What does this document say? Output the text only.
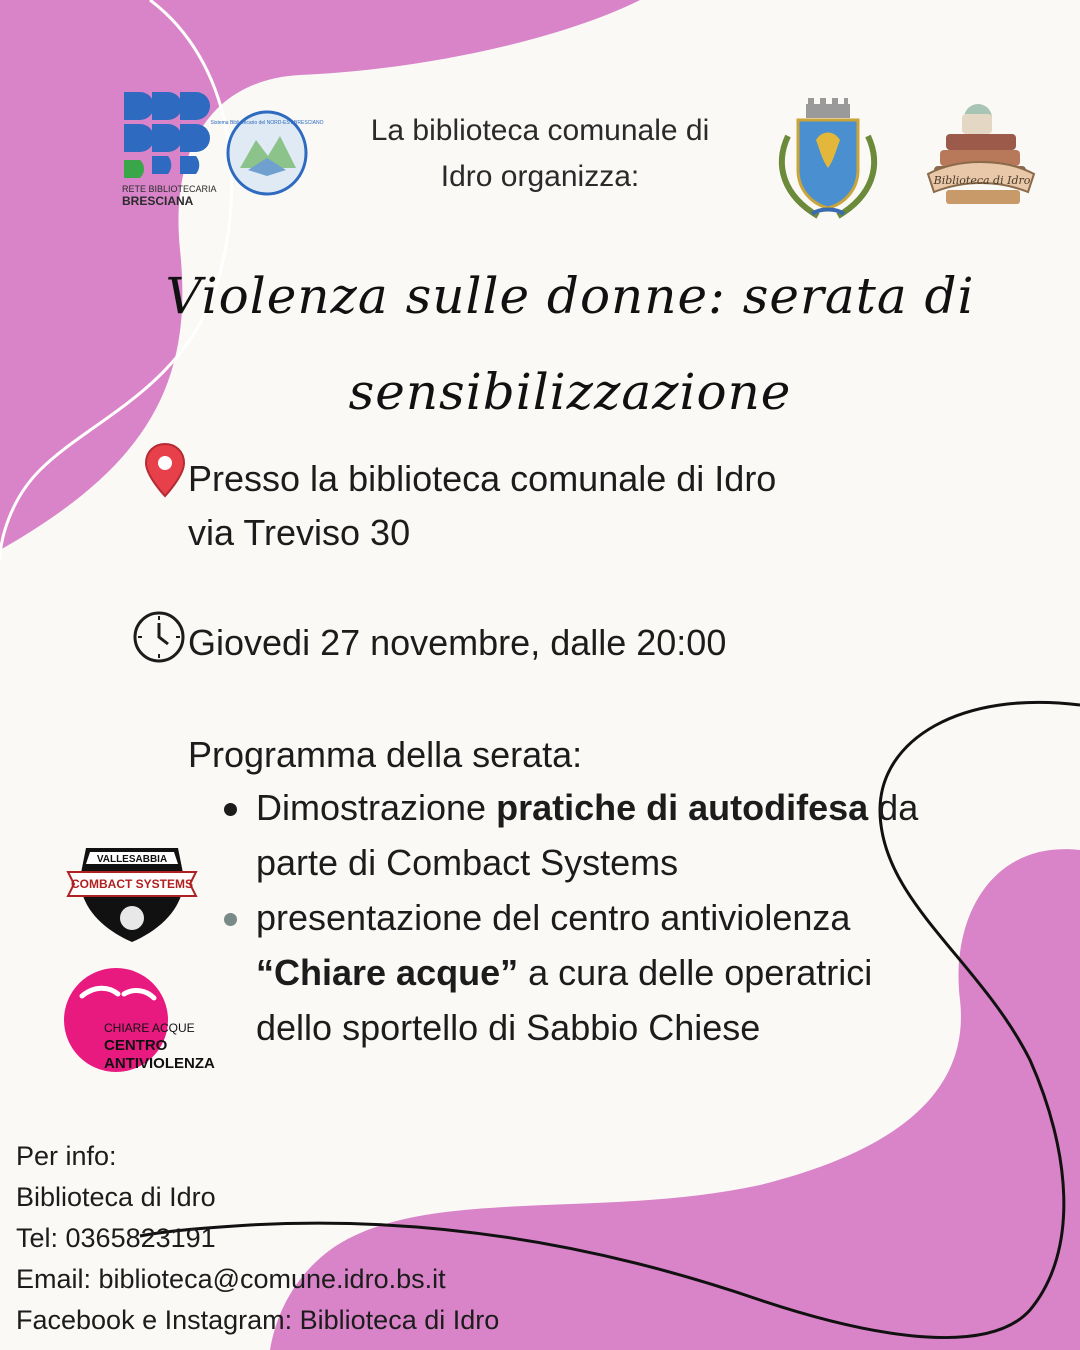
RETE BIBLIOTECARIA
BRESCIANA
Sistema Bibliotecario del NORD-EST BRESCIANO	La biblioteca comunale di
Idro organizza:	Biblioteca di Idro
Violenza sulle donne: serata di
sensibilizzazione
Presso la biblioteca comunale di Idro
via Treviso 30
Giovedi 27 novembre, dalle 20:00
Programma della serata:
Dimostrazione pratiche di autodifesa da parte di Combact Systems
presentazione del centro antiviolenza “Chiare acque” a cura delle operatrici dello sportello di Sabbio Chiese
VALLESABBIA
COMBACT SYSTEMS
CHIARE ACQUE
CENTRO
ANTIVIOLENZA
Per info:
Biblioteca di Idro
Tel: 0365823191
Email: biblioteca@comune.idro.bs.it
Facebook e Instagram: Biblioteca di Idro
